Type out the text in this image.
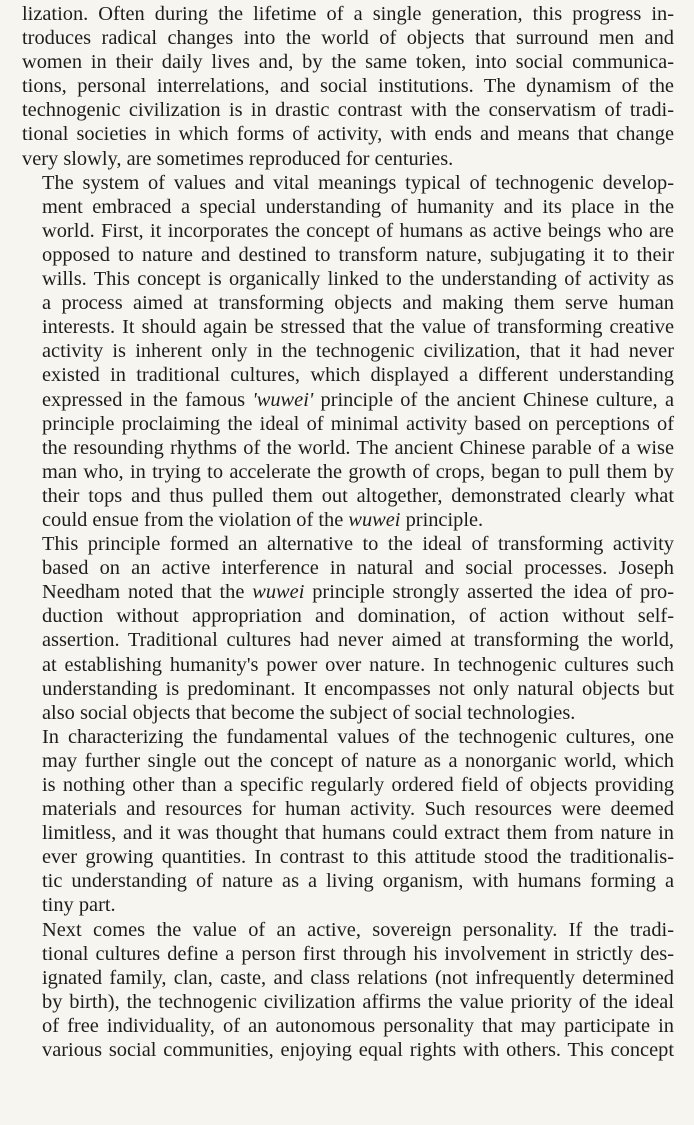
lization. Often during the lifetime of a single generation, this progress in-
troduces radical changes into the world of objects that surround men and
women in their daily lives and, by the same token, into social communica-
tions, personal interrelations, and social institutions. The dynamism of the
technogenic civilization is in drastic contrast with the conservatism of tradi-
tional societies in which forms of activity, with ends and means that change
very slowly, are sometimes reproduced for centuries.
The system of values and vital meanings typical of technogenic develop-
ment embraced a special understanding of humanity and its place in the
world. First, it incorporates the concept of humans as active beings who are
opposed to nature and destined to transform nature, subjugating it to their
wills. This concept is organically linked to the understanding of activity as
a process aimed at transforming objects and making them serve human
interests. It should again be stressed that the value of transforming creative
activity is inherent only in the technogenic civilization, that it had never
existed in traditional cultures, which displayed a different understanding
expressed in the famous 'wuwei' principle of the ancient Chinese culture, a
principle proclaiming the ideal of minimal activity based on perceptions of
the resounding rhythms of the world. The ancient Chinese parable of a wise
man who, in trying to accelerate the growth of crops, began to pull them by
their tops and thus pulled them out altogether, demonstrated clearly what
could ensue from the violation of the wuwei principle.
This principle formed an alternative to the ideal of transforming activity
based on an active interference in natural and social processes. Joseph
Needham noted that the wuwei principle strongly asserted the idea of pro-
duction without appropriation and domination, of action without self-
assertion. Traditional cultures had never aimed at transforming the world,
at establishing humanity's power over nature. In technogenic cultures such
understanding is predominant. It encompasses not only natural objects but
also social objects that become the subject of social technologies.
In characterizing the fundamental values of the technogenic cultures, one
may further single out the concept of nature as a nonorganic world, which
is nothing other than a specific regularly ordered field of objects providing
materials and resources for human activity. Such resources were deemed
limitless, and it was thought that humans could extract them from nature in
ever growing quantities. In contrast to this attitude stood the traditionalis-
tic understanding of nature as a living organism, with humans forming a
tiny part.
Next comes the value of an active, sovereign personality. If the tradi-
tional cultures define a person first through his involvement in strictly des-
ignated family, clan, caste, and class relations (not infrequently determined
by birth), the technogenic civilization affirms the value priority of the ideal
of free individuality, of an autonomous personality that may participate in
various social communities, enjoying equal rights with others. This concept
